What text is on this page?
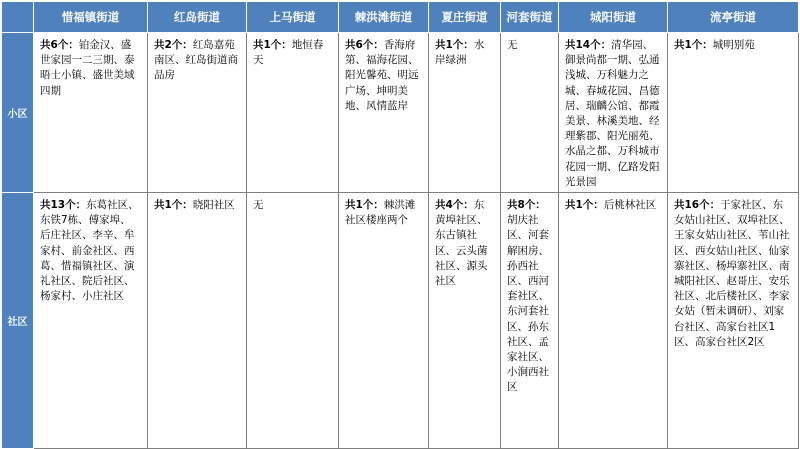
	惜福镇街道	红岛街道	上马街道	棘洪滩街道	夏庄街道	河套街道	城阳街道	流亭街道
小区	共6个：铂金汉、盛世家园一二三期、泰晤士小镇、盛世美域四期	共2个：红岛嘉苑南区、红岛街道商品房	共1个：地恒春天	共6个：香海府第、福海花园、阳光馨苑、明远广场、坤明美地、风情蓝岸	共1个：水岸绿洲	无	共14个：清华园、御景尚都一期、弘通浅城、万科魅力之城、春城花园、昌德居、瑞麟公馆、都霞美景、林溪美地、经理紫郡、阳光丽苑、水晶之都、万科城市花园一期、亿路发阳光景园	共1个：城明别苑
社区	共13个：东葛社区、东铁7栋、傅家埠、后庄社区、李辛、牟家村、前金社区、西葛、惜福镇社区、演礼社区、院后社区、杨家村、小庄社区	共1个：晓阳社区	无	共1个：棘洪滩社区楼座两个	共4个：东黄埠社区、东古镇社区、云头菌社区、源头社区	共8个：胡庆社区、河套解困房、孙西社区、西河套社区、东河套社区、孙东社区、孟家社区、小涧西社区	共1个：后桃林社区	共16个：于家社区、东女姑山社区、双埠社区、王家女姑山社区、苇山社区、西女姑山社区、仙家寨社区、杨埠寨社区、南城阳社区、赵哥庄、安乐社区、北后楼社区、李家女姑（暂未调研）、刘家台社区、高家台社区1区、高家台社区2区
